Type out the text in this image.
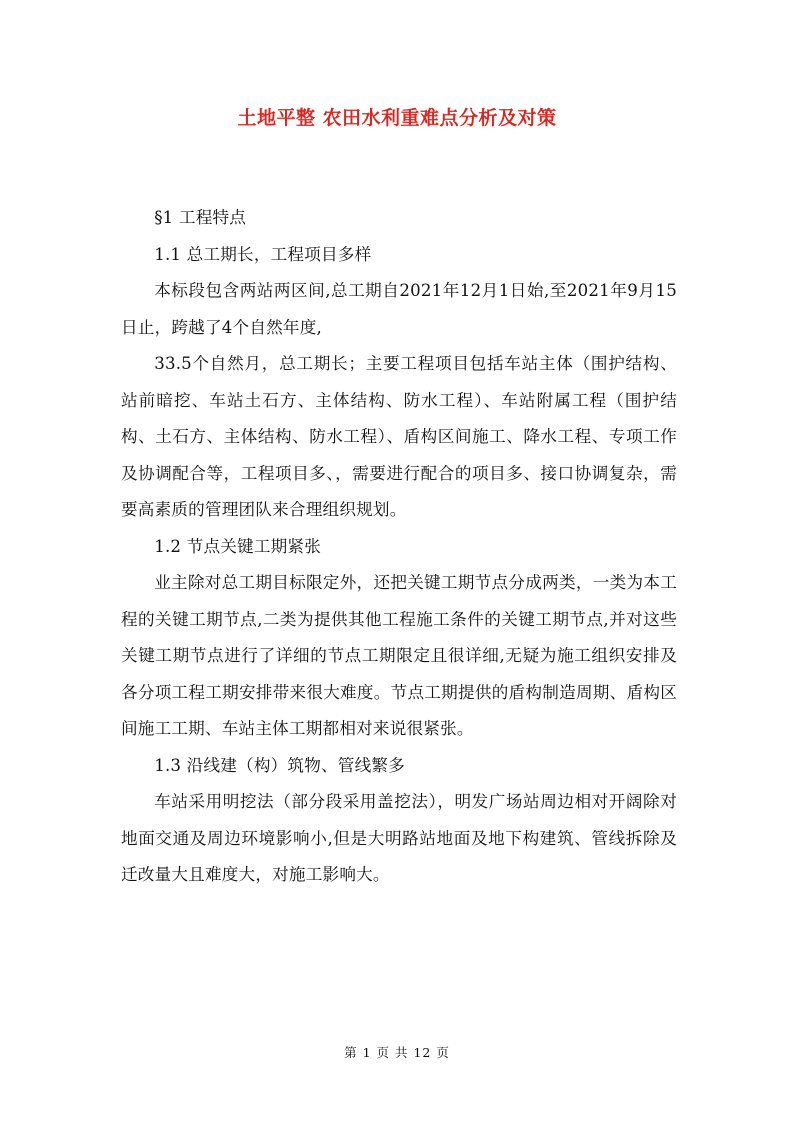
土地平整 农田水利重难点分析及对策

§1 工程特点

1.1 总工期长，工程项目多样

本标段包含两站两区间,总工期自2021年12月1日始,至2021年9月15日止，跨越了4个自然年度,

33.5个自然月，总工期长；主要工程项目包括车站主体（围护结构、站前暗挖、车站土石方、主体结构、防水工程）、车站附属工程（围护结构、土石方、主体结构、防水工程）、盾构区间施工、降水工程、专项工作及协调配合等，工程项目多、，需要进行配合的项目多、接口协调复杂，需要高素质的管理团队来合理组织规划。

1.2 节点关键工期紧张

业主除对总工期目标限定外，还把关键工期节点分成两类，一类为本工程的关键工期节点,二类为提供其他工程施工条件的关键工期节点,并对这些关键工期节点进行了详细的节点工期限定且很详细,无疑为施工组织安排及各分项工程工期安排带来很大难度。节点工期提供的盾构制造周期、盾构区间施工工期、车站主体工期都相对来说很紧张。

1.3 沿线建（构）筑物、管线繁多

车站采用明挖法（部分段采用盖挖法），明发广场站周边相对开阔除对地面交通及周边环境影响小,但是大明路站地面及地下构建筑、管线拆除及迁改量大且难度大，对施工影响大。

第 1 页 共 12 页
